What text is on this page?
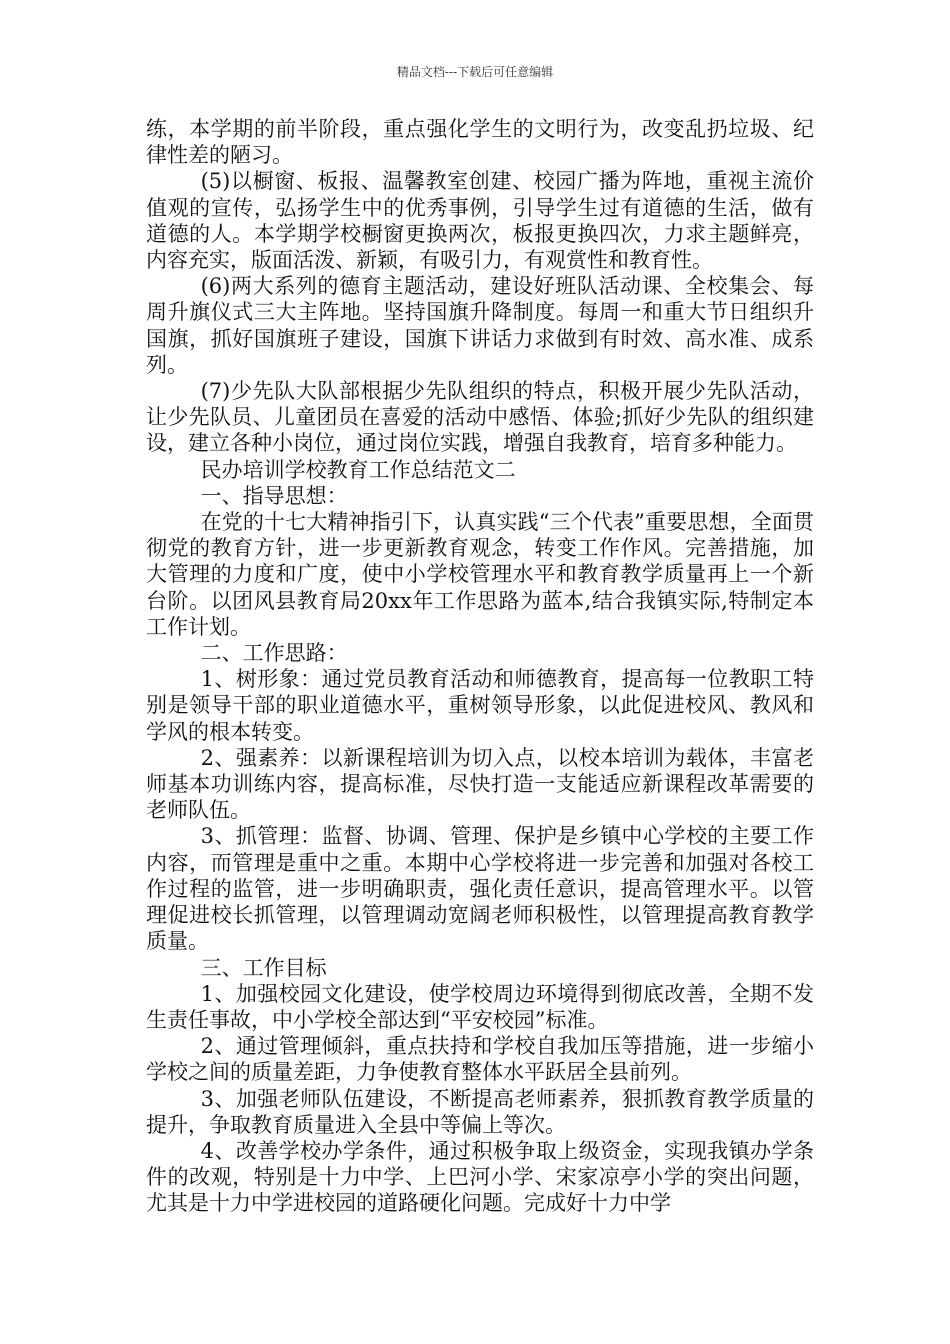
精品文档---下载后可任意编辑

练，本学期的前半阶段，重点强化学生的文明行为，改变乱扔垃圾、纪律性差的陋习。

(5)以橱窗、板报、温馨教室创建、校园广播为阵地，重视主流价值观的宣传，弘扬学生中的优秀事例，引导学生过有道德的生活，做有道德的人。本学期学校橱窗更换两次，板报更换四次，力求主题鲜亮，内容充实，版面活泼、新颖，有吸引力，有观赏性和教育性。

(6)两大系列的德育主题活动，建设好班队活动课、全校集会、每周升旗仪式三大主阵地。坚持国旗升降制度。每周一和重大节日组织升国旗，抓好国旗班子建设，国旗下讲话力求做到有时效、高水准、成系列。

(7)少先队大队部根据少先队组织的特点，积极开展少先队活动，让少先队员、儿童团员在喜爱的活动中感悟、体验;抓好少先队的组织建设，建立各种小岗位，通过岗位实践，增强自我教育，培育多种能力。

民办培训学校教育工作总结范文二

一、指导思想：

在党的十七大精神指引下，认真实践“三个代表”重要思想，全面贯彻党的教育方针，进一步更新教育观念，转变工作作风。完善措施，加大管理的力度和广度，使中小学校管理水平和教育教学质量再上一个新台阶。以团风县教育局20xx年工作思路为蓝本,结合我镇实际,特制定本工作计划。

二、工作思路：

1、树形象：通过党员教育活动和师德教育，提高每一位教职工特别是领导干部的职业道德水平，重树领导形象，以此促进校风、教风和学风的根本转变。

2、强素养：以新课程培训为切入点，以校本培训为载体，丰富老师基本功训练内容，提高标准，尽快打造一支能适应新课程改革需要的老师队伍。

3、抓管理：监督、协调、管理、保护是乡镇中心学校的主要工作内容，而管理是重中之重。本期中心学校将进一步完善和加强对各校工作过程的监管，进一步明确职责，强化责任意识，提高管理水平。以管理促进校长抓管理，以管理调动宽阔老师积极性，以管理提高教育教学质量。

三、工作目标

1、加强校园文化建设，使学校周边环境得到彻底改善，全期不发生责任事故，中小学校全部达到“平安校园”标准。

2、通过管理倾斜，重点扶持和学校自我加压等措施，进一步缩小学校之间的质量差距，力争使教育整体水平跃居全县前列。

3、加强老师队伍建设，不断提高老师素养，狠抓教育教学质量的提升，争取教育质量进入全县中等偏上等次。

4、改善学校办学条件，通过积极争取上级资金，实现我镇办学条件的改观，特别是十力中学、上巴河小学、宋家凉亭小学的突出问题，尤其是十力中学进校园的道路硬化问题。完成好十力中学
